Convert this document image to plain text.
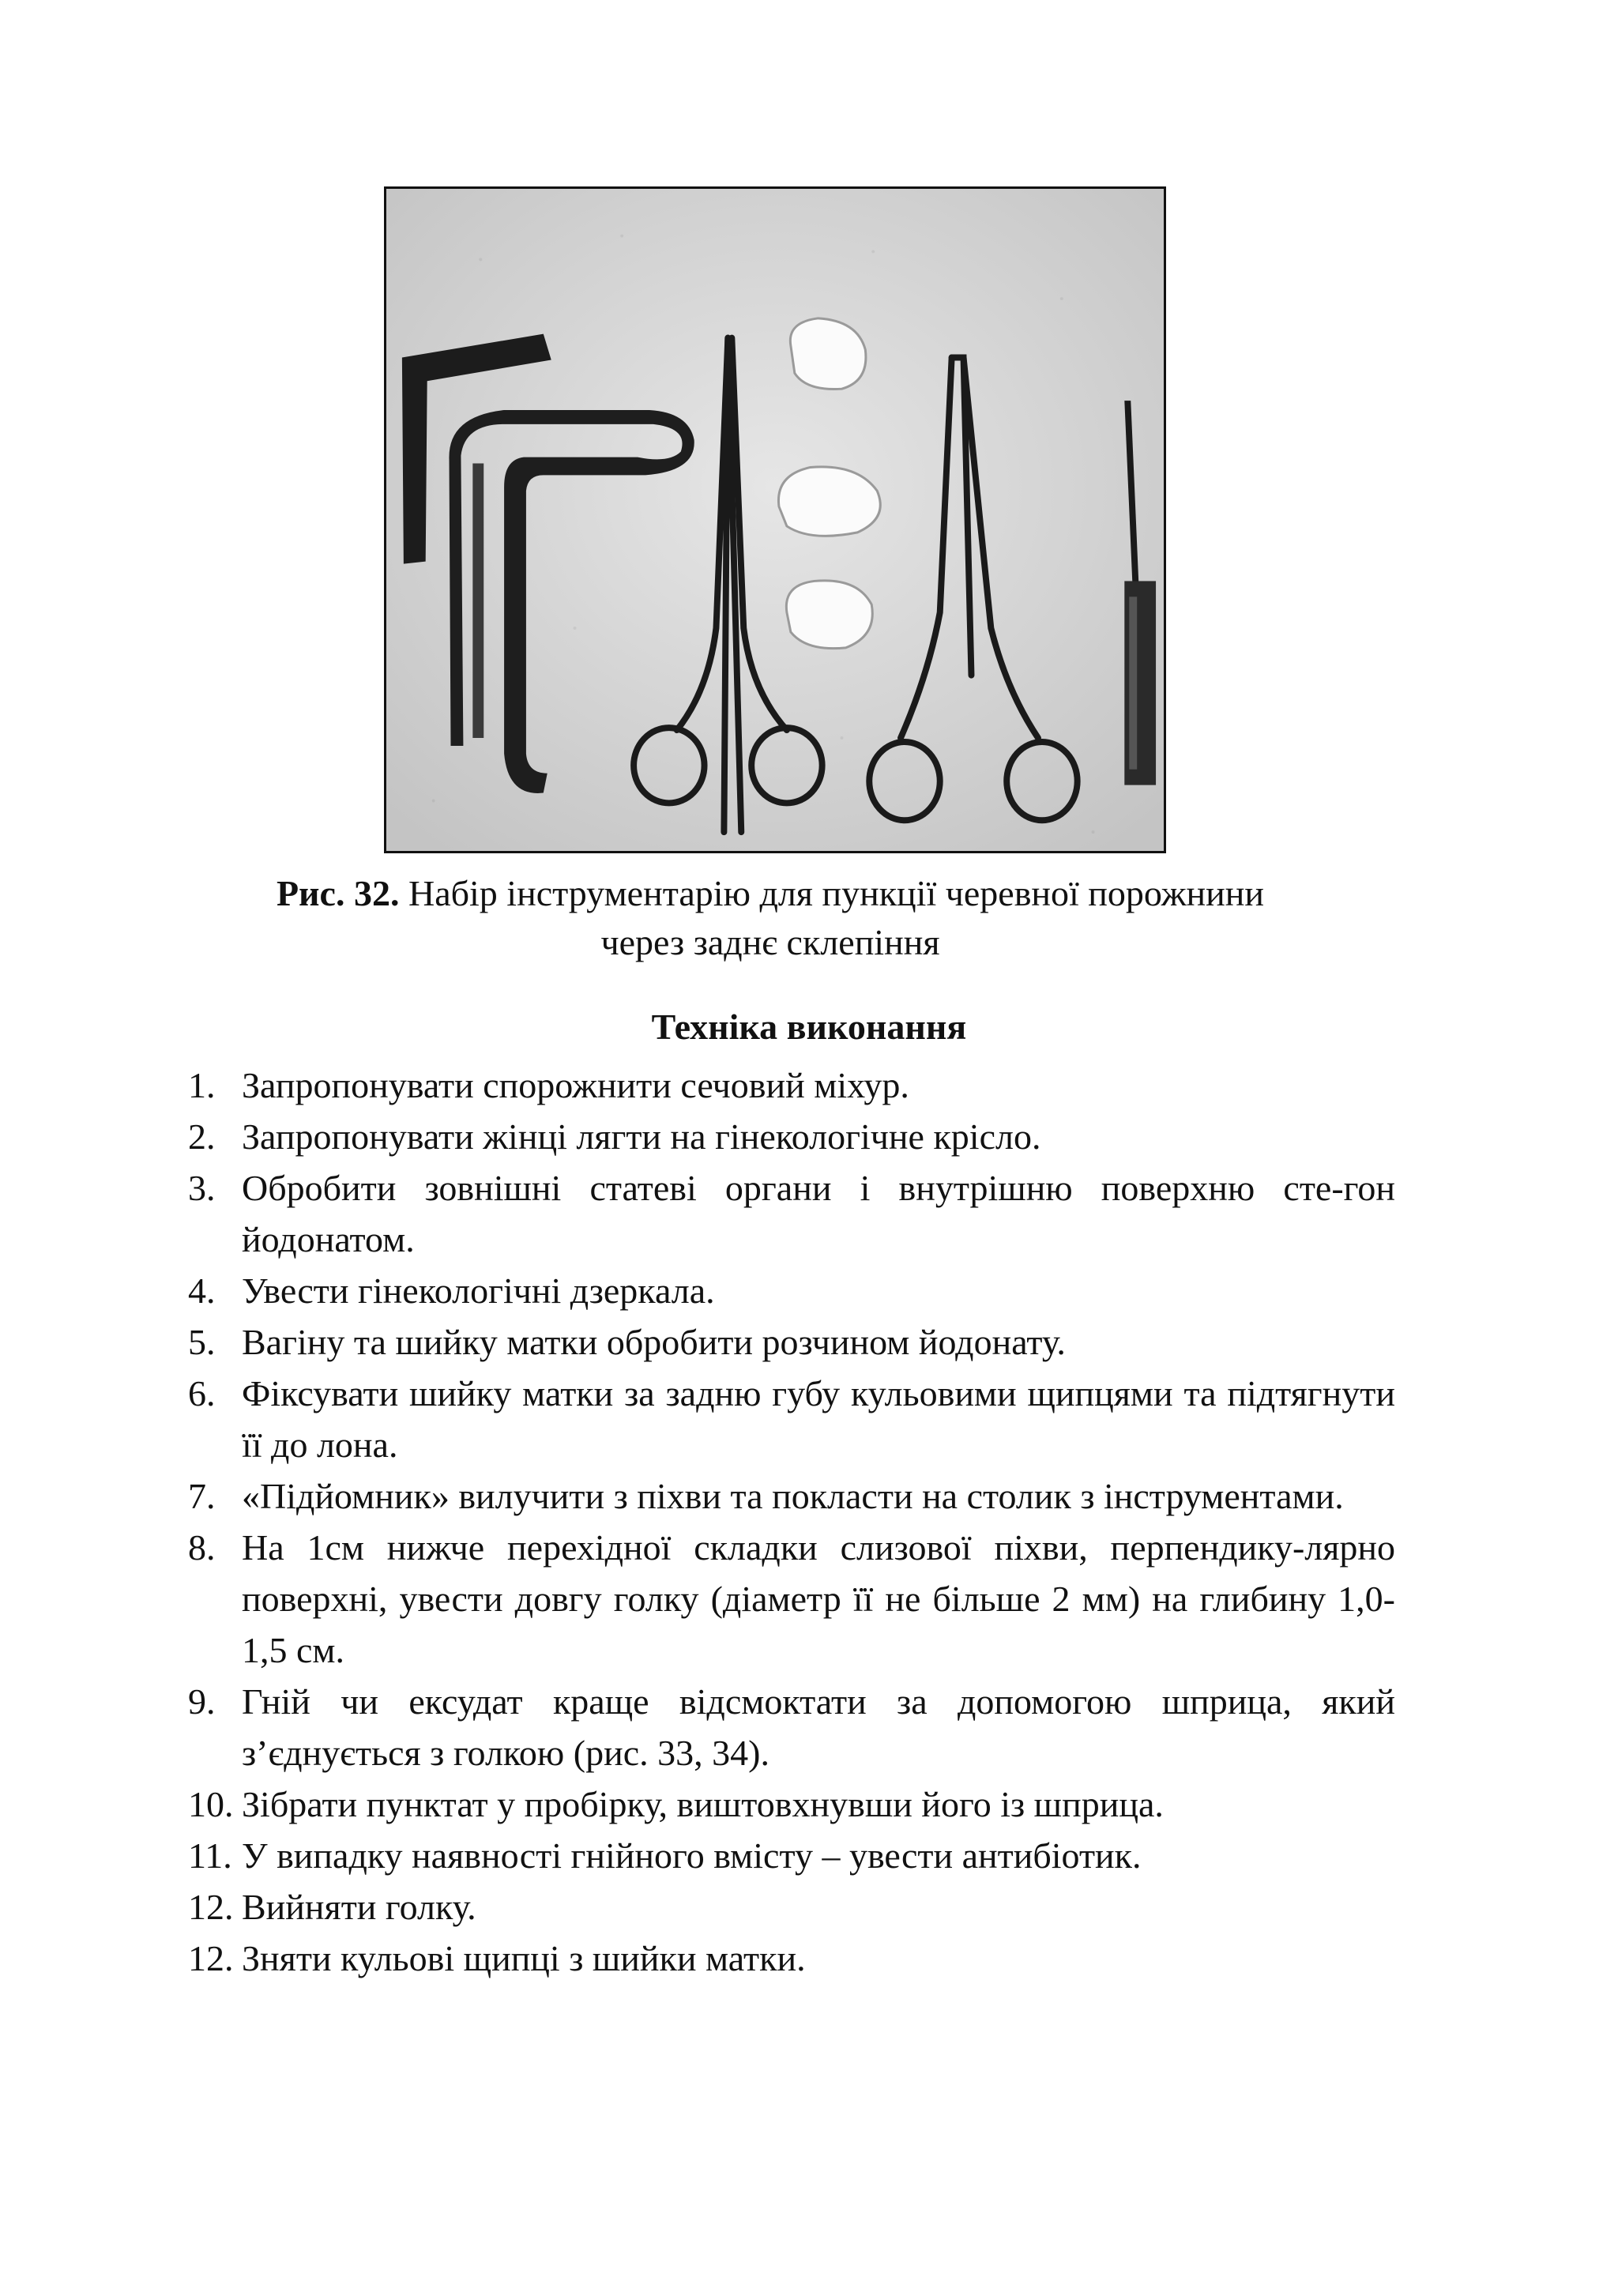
Рис. 32. Набір інструментарію для пункції черевної порожнини
через заднє склепіння
Техніка виконання
1. Запропонувати спорожнити сечовий міхур.
2. Запропонувати жінці лягти на гінекологічне крісло.
3. Обробити зовнішні статеві органи і внутрішню поверхню сте-гон йодонатом.
4. Увести гінекологічні дзеркала.
5. Вагіну та шийку матки обробити розчином йодонату.
6. Фіксувати шийку матки за задню губу кульовими щипцями та підтягнути її до лона.
7. «Підйомник» вилучити з піхви та покласти на столик з інструментами.
8. На 1см нижче перехідної складки слизової піхви, перпендику-лярно поверхні, увести довгу голку (діаметр її не більше 2 мм) на глибину 1,0-1,5 см.
9. Гній чи ексудат краще відсмоктати за допомогою шприца, який з’єднується з голкою (рис. 33, 34).
10. Зібрати пунктат у пробірку, виштовхнувши його із шприца.
11. У випадку наявності гнійного вмісту – увести антибіотик.
12. Вийняти голку.
12. Зняти кульові щипці з шийки матки.
